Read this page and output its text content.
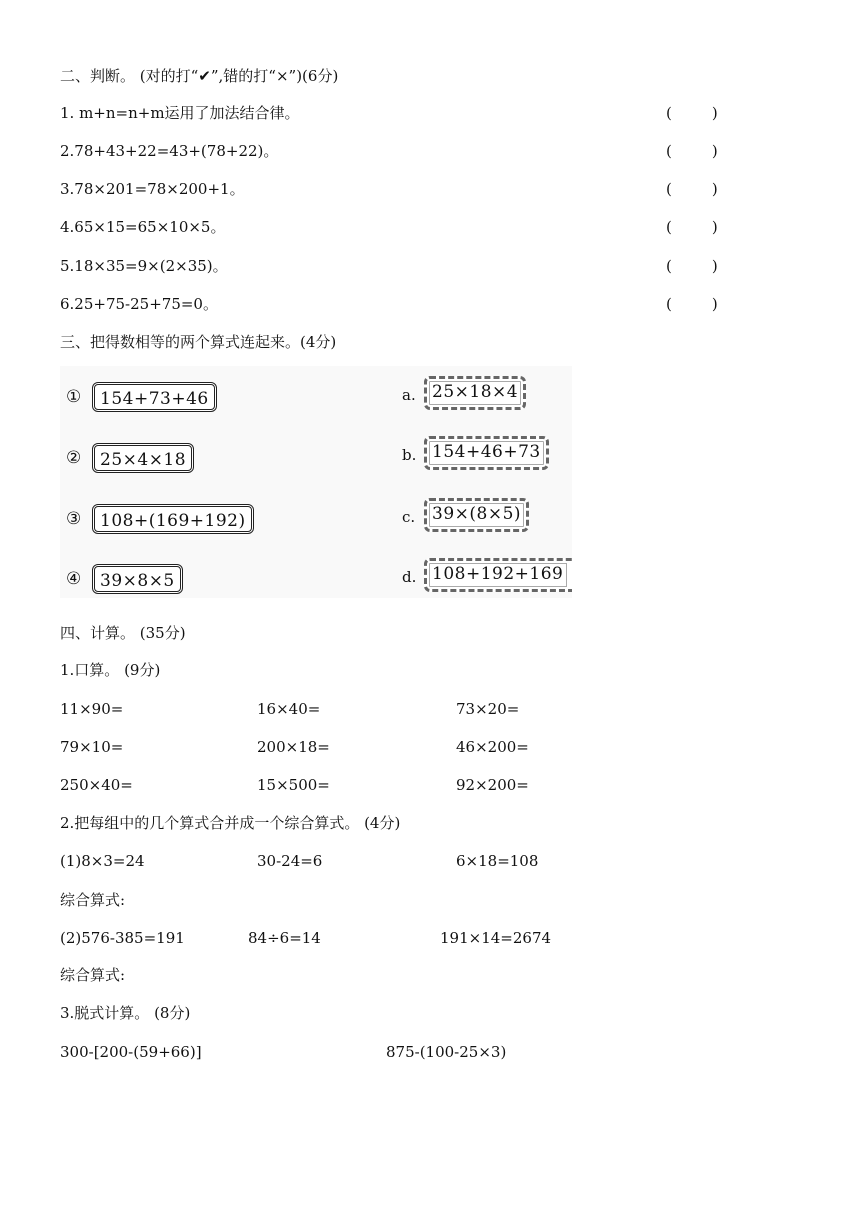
二、判断。 (对的打“✔”,错的打“×”)(6分)
1. m+n=n+m运用了加法结合律。	(	)
2.78+43+22=43+(78+22)。	(	)
3.78×201=78×200+1。	(	)
4.65×15=65×10×5。	(	)
5.18×35=9×(2×35)。	(	)
6.25+75-25+75=0。	(	)
三、把得数相等的两个算式连起来。(4分)
①	154+73+46
②	25×4×18
③	108+(169+192)
④	39×8×5
a. 25×18×4
b. 154+46+73
c. 39×(8×5)
d. 108+192+169
四、计算。 (35分)
1.口算。 (9分)
11×90=	16×40=	73×20=
79×10=	200×18=	46×200=
250×40=	15×500=	92×200=
2.把每组中的几个算式合并成一个综合算式。 (4分)
(1)8×3=24	30-24=6	6×18=108
综合算式:
(2)576-385=191	84÷6=14	191×14=2674
综合算式:
3.脱式计算。 (8分)
300-[200-(59+66)]	875-(100-25×3)
